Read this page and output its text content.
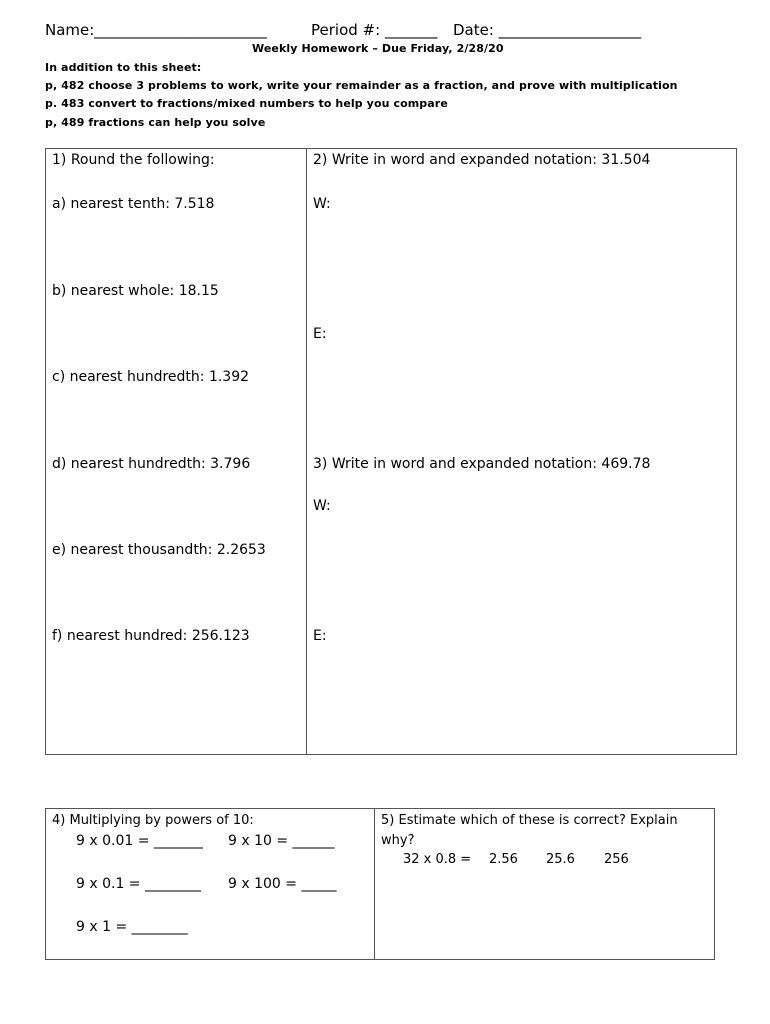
Name:_______________________	Period #: _______ Date: ___________________
Weekly Homework – Due Friday, 2/28/20
In addition to this sheet:
p, 482 choose 3 problems to work, write your remainder as a fraction, and prove with multiplication
p. 483 convert to fractions/mixed numbers to help you compare
p, 489 fractions can help you solve
1) Round the following:
a) nearest tenth: 7.518
b) nearest whole: 18.15
c) nearest hundredth: 1.392
d) nearest hundredth: 3.796
e) nearest thousandth: 2.2653
f) nearest hundred: 256.123
2) Write in word and expanded notation: 31.504
W:
E:
3) Write in word and expanded notation: 469.78
W:
E:
4) Multiplying by powers of 10:
9 x 0.01 = _______ 9 x 10 = ______
9 x 0.1 = ________ 9 x 100 = _____
9 x 1 = ________
5) Estimate which of these is correct? Explain
why?
32 x 0.8 = 2.56 25.6 256
